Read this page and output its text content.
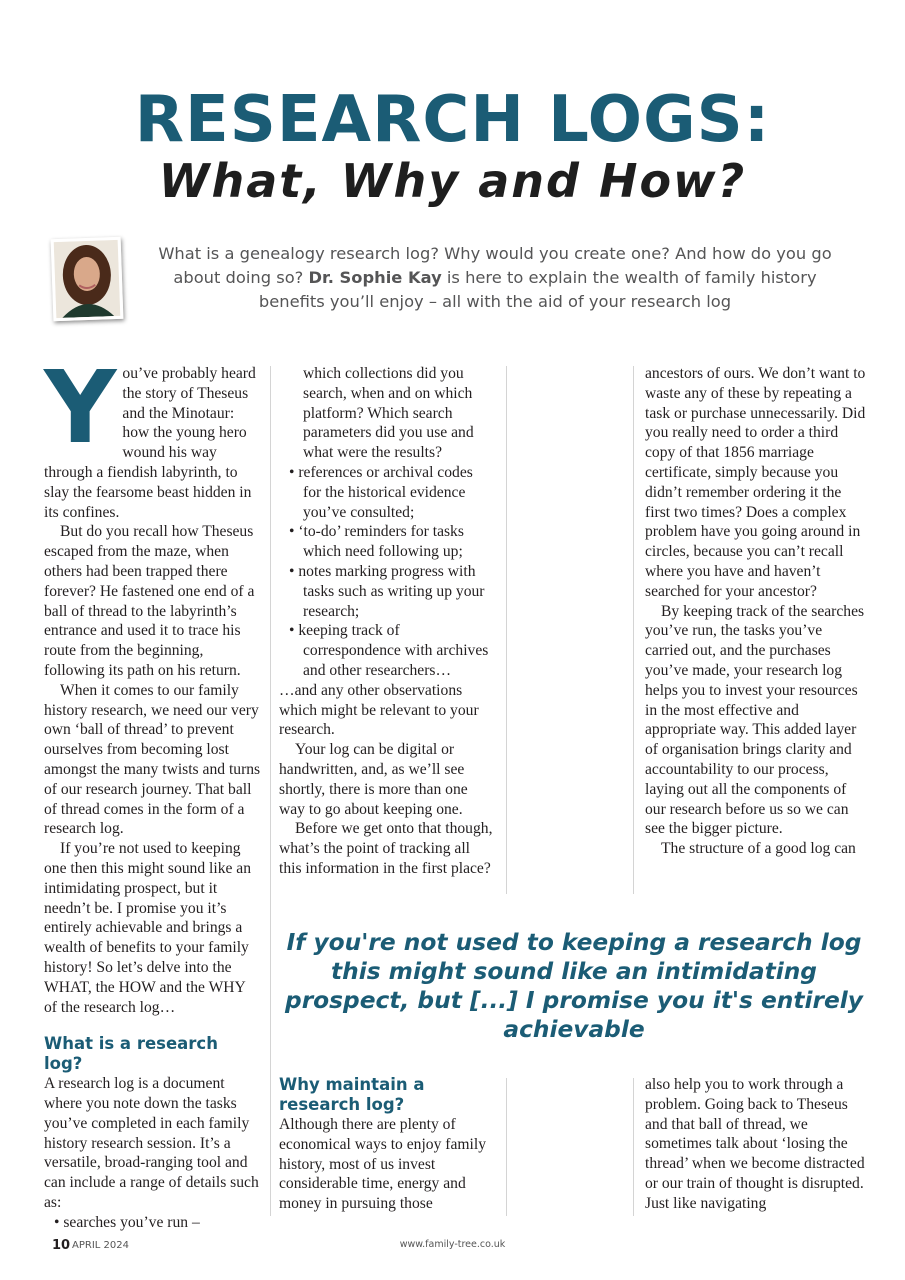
RESEARCH LOGS:
What, Why and How?
What is a genealogy research log? Why would you create one? And how do you go about doing so? Dr. Sophie Kay is here to explain the wealth of family history benefits you’ll enjoy – all with the aid of your research log
Y ou’ve probably heard the story of Theseus and the Minotaur: how the young hero wound his way through a fiendish labyrinth, to slay the fearsome beast hidden in its confines.

But do you recall how Theseus escaped from the maze, when others had been trapped there forever? He fastened one end of a ball of thread to the labyrinth’s entrance and used it to trace his route from the beginning, following its path on his return.

When it comes to our family history research, we need our very own ‘ball of thread’ to prevent ourselves from becoming lost amongst the many twists and turns of our research journey. That ball of thread comes in the form of a research log.

If you’re not used to keeping one then this might sound like an intimidating prospect, but it needn’t be. I promise you it’s entirely achievable and brings a wealth of benefits to your family history! So let’s delve into the WHAT, the HOW and the WHY of the research log…

What is a research log?

A research log is a document where you note down the tasks you’ve completed in each family history research session. It’s a versatile, broad-ranging tool and can include a range of details such as:

• searches you’ve run –

which collections did you search, when and on which platform? Which search parameters did you use and what were the results?

• references or archival codes for the historical evidence you’ve consulted;

• ‘to-do’ reminders for tasks which need following up;

• notes marking progress with tasks such as writing up your research;

• keeping track of correspondence with archives and other researchers…

…and any other observations which might be relevant to your research.

Your log can be digital or handwritten, and, as we’ll see shortly, there is more than one way to go about keeping one.

Before we get onto that though, what’s the point of tracking all this information in the first place?

Why maintain a research log?

Although there are plenty of economical ways to enjoy family history, most of us invest considerable time, energy and money in pursuing those

ancestors of ours. We don’t want to waste any of these by repeating a task or purchase unnecessarily. Did you really need to order a third copy of that 1856 marriage certificate, simply because you didn’t remember ordering it the first two times? Does a complex problem have you going around in circles, because you can’t recall where you have and haven’t searched for your ancestor?

By keeping track of the searches you’ve run, the tasks you’ve carried out, and the purchases you’ve made, your research log helps you to invest your resources in the most effective and appropriate way. This added layer of organisation brings clarity and accountability to our process, laying out all the components of our research before us so we can see the bigger picture.

The structure of a good log can

also help you to work through a problem. Going back to Theseus and that ball of thread, we sometimes talk about ‘losing the thread’ when we become distracted or our train of thought is disrupted. Just like navigating

If you're not used to keeping a research log this might sound like an intimidating prospect, but [...] I promise you it's entirely achievable
10 APRIL 2024	www.family-tree.co.uk
